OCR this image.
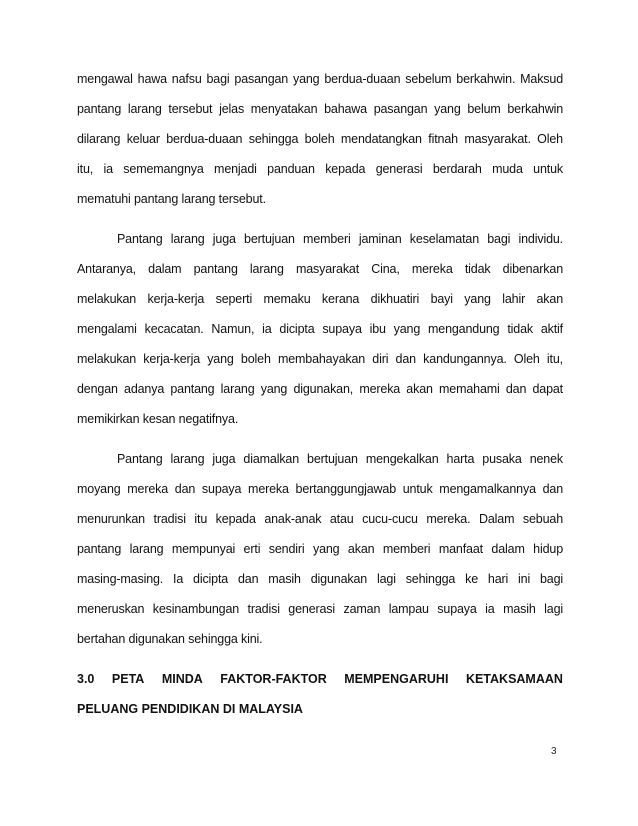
mengawal hawa nafsu bagi pasangan yang berdua-duaan sebelum berkahwin. Maksud
pantang larang tersebut jelas menyatakan bahawa pasangan yang belum berkahwin
dilarang keluar berdua-duaan sehingga boleh mendatangkan fitnah masyarakat. Oleh
itu, ia sememangnya menjadi panduan kepada generasi berdarah muda untuk
mematuhi pantang larang tersebut.

Pantang larang juga bertujuan memberi jaminan keselamatan bagi individu.
Antaranya, dalam pantang larang masyarakat Cina, mereka tidak dibenarkan
melakukan kerja-kerja seperti memaku kerana dikhuatiri bayi yang lahir akan
mengalami kecacatan. Namun, ia dicipta supaya ibu yang mengandung tidak aktif
melakukan kerja-kerja yang boleh membahayakan diri dan kandungannya. Oleh itu,
dengan adanya pantang larang yang digunakan, mereka akan memahami dan dapat
memikirkan kesan negatifnya.

Pantang larang juga diamalkan bertujuan mengekalkan harta pusaka nenek
moyang mereka dan supaya mereka bertanggungjawab untuk mengamalkannya dan
menurunkan tradisi itu kepada anak-anak atau cucu-cucu mereka. Dalam sebuah
pantang larang mempunyai erti sendiri yang akan memberi manfaat dalam hidup
masing-masing. Ia dicipta dan masih digunakan lagi sehingga ke hari ini bagi
meneruskan kesinambungan tradisi generasi zaman lampau supaya ia masih lagi
bertahan digunakan sehingga kini.

3.0 PETA MINDA FAKTOR-FAKTOR MEMPENGARUHI KETAKSAMAAN
PELUANG PENDIDIKAN DI MALAYSIA
3
